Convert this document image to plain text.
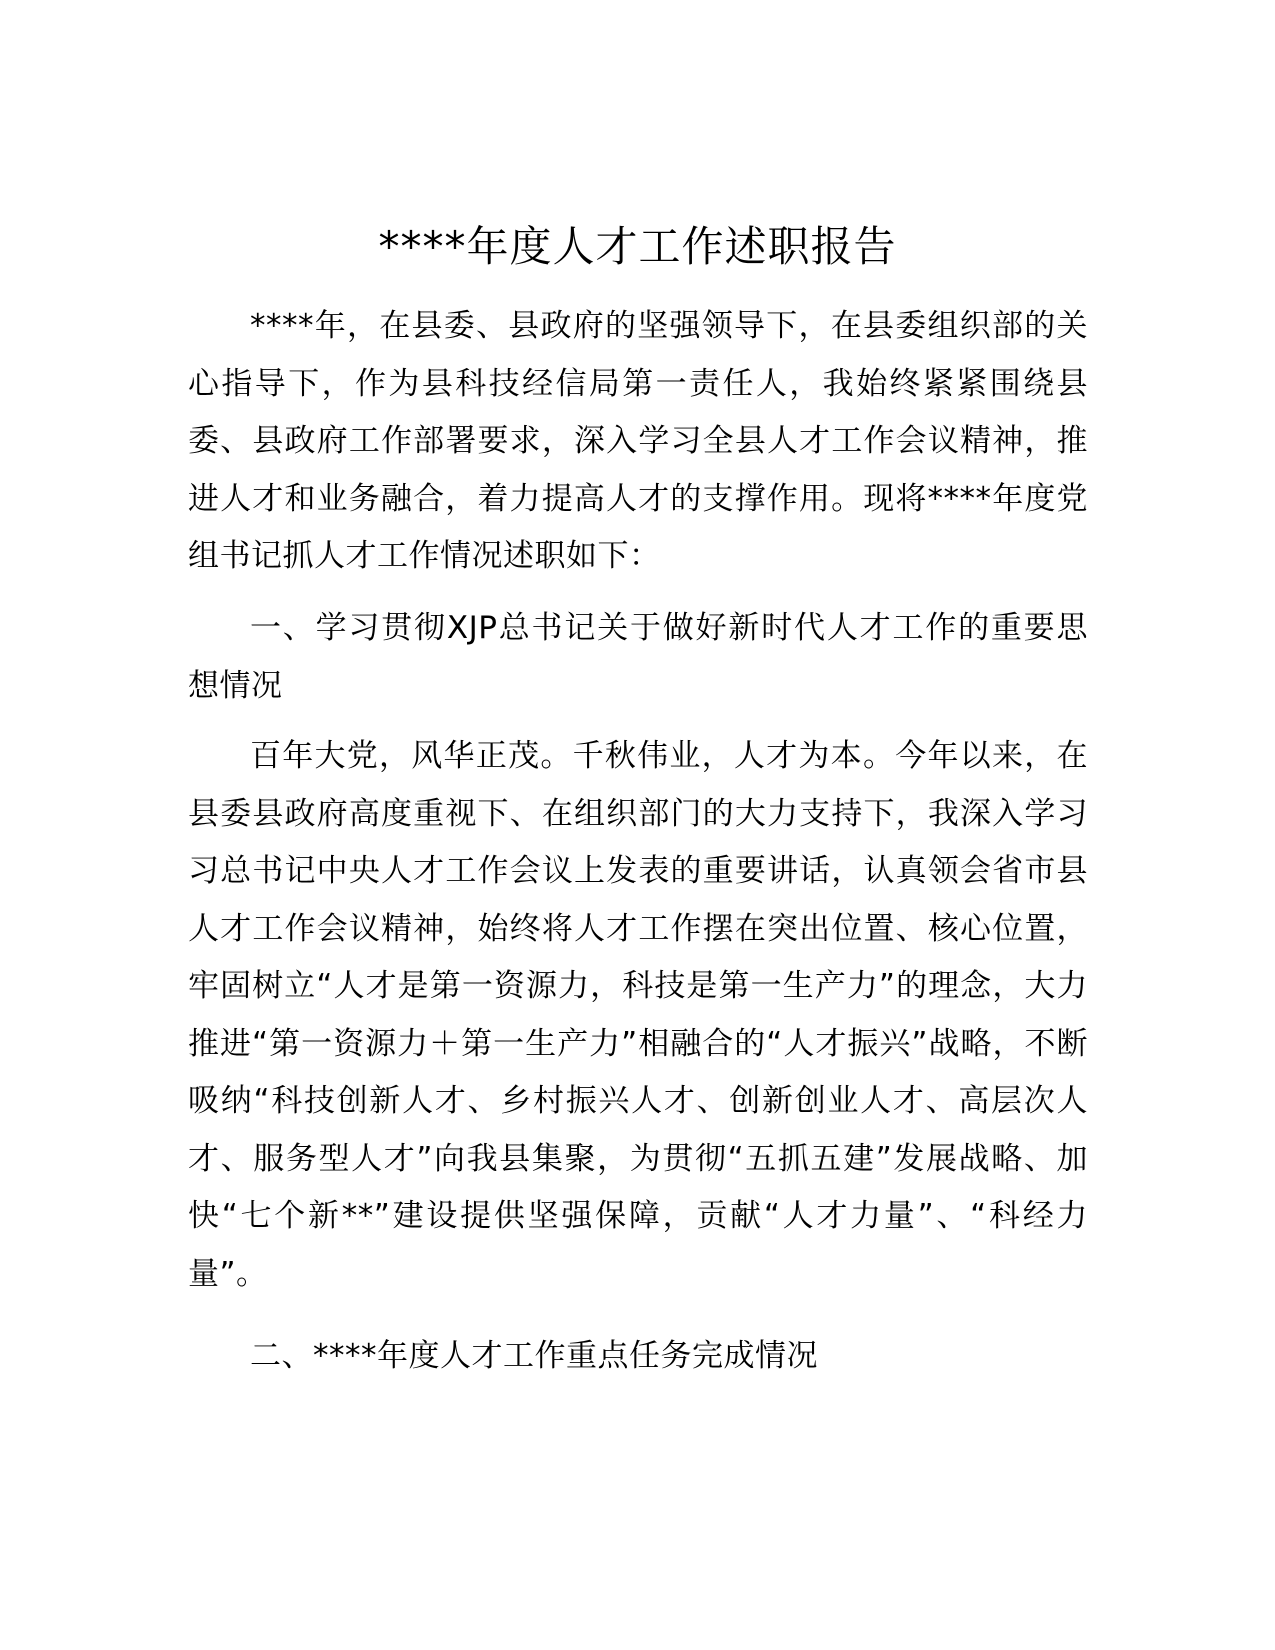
****年度人才工作述职报告

****年，在县委、县政府的坚强领导下，在县委组织部的关心指导下，作为县科技经信局第一责任人，我始终紧紧围绕县委、县政府工作部署要求，深入学习全县人才工作会议精神，推进人才和业务融合，着力提高人才的支撑作用。现将****年度党组书记抓人才工作情况述职如下：

一、学习贯彻XJP总书记关于做好新时代人才工作的重要思想情况

百年大党，风华正茂。千秋伟业，人才为本。今年以来，在县委县政府高度重视下、在组织部门的大力支持下，我深入学习习总书记中央人才工作会议上发表的重要讲话，认真领会省市县人才工作会议精神，始终将人才工作摆在突出位置、核心位置，牢固树立“人才是第一资源力，科技是第一生产力”的理念，大力推进“第一资源力＋第一生产力”相融合的“人才振兴”战略，不断吸纳“科技创新人才、乡村振兴人才、创新创业人才、高层次人才、服务型人才”向我县集聚，为贯彻“五抓五建”发展战略、加快“七个新**”建设提供坚强保障，贡献“人才力量”、“科经力量”。

二、****年度人才工作重点任务完成情况
